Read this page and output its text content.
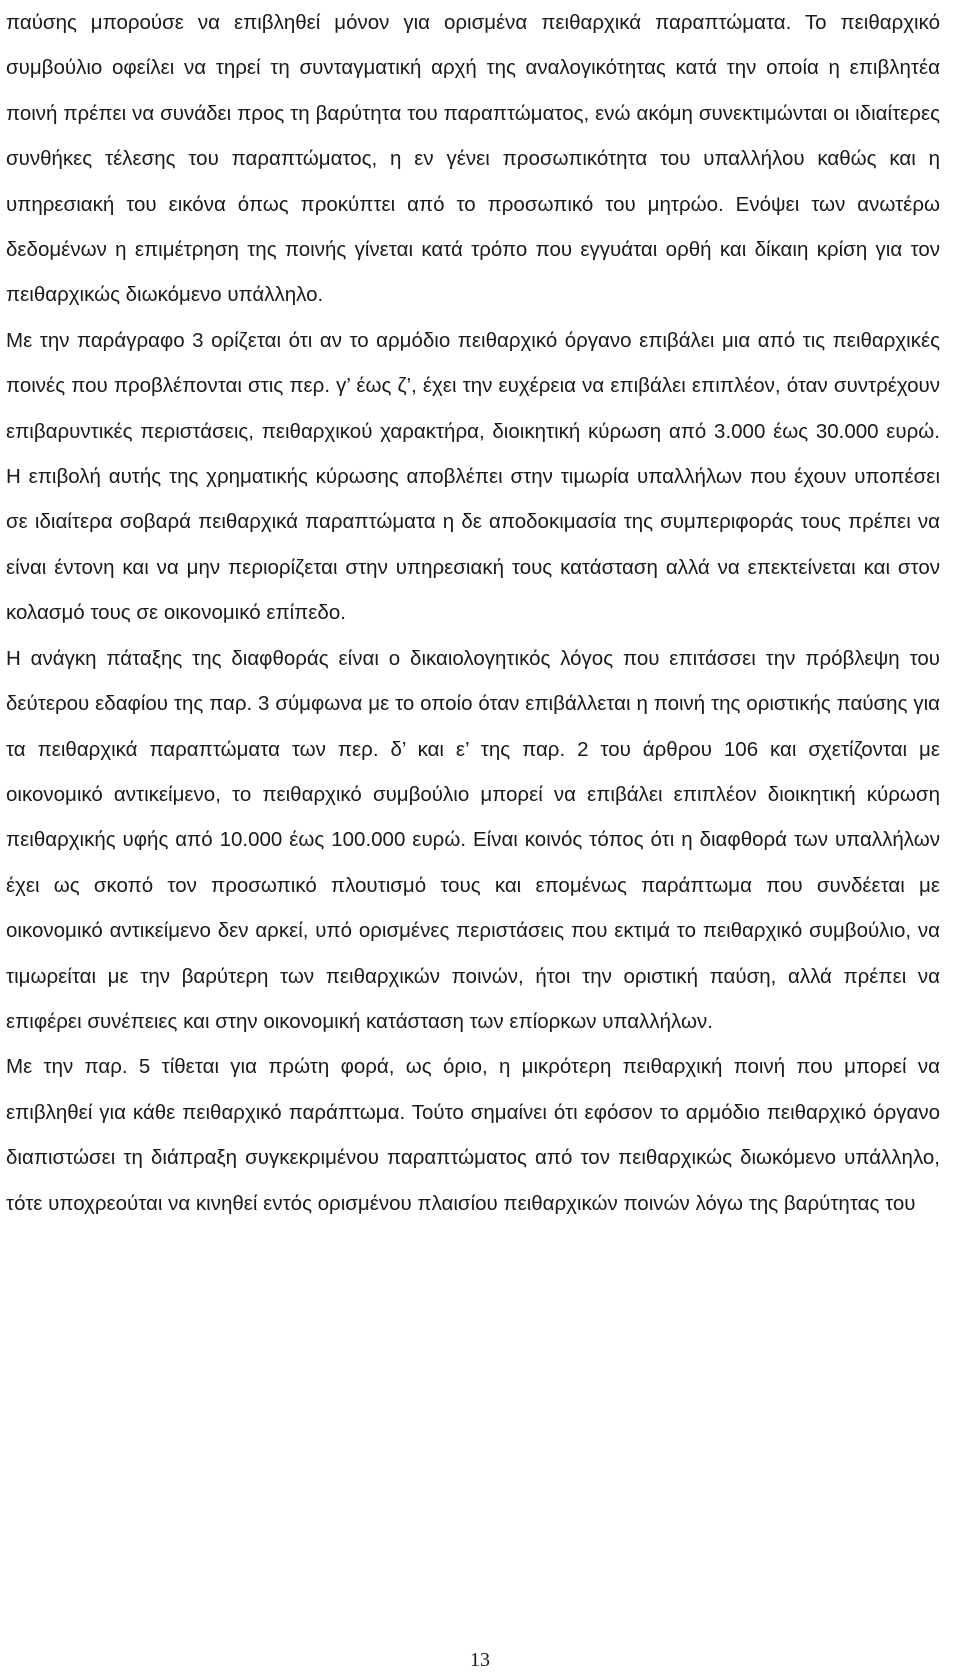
παύσης μπορούσε να επιβληθεί μόνον για ορισμένα πειθαρχικά παραπτώματα. Το πειθαρχικό συμβούλιο οφείλει να τηρεί τη συνταγματική αρχή της αναλογικότητας κατά την οποία η επιβλητέα ποινή πρέπει να συνάδει προς τη βαρύτητα του παραπτώματος, ενώ ακόμη συνεκτιμώνται οι ιδιαίτερες συνθήκες τέλεσης του παραπτώματος, η εν γένει προσωπικότητα του υπαλλήλου καθώς και η υπηρεσιακή του εικόνα όπως προκύπτει από το προσωπικό του μητρώο. Ενόψει των ανωτέρω δεδομένων η επιμέτρηση της ποινής γίνεται κατά τρόπο που εγγυάται ορθή και δίκαιη κρίση για τον πειθαρχικώς διωκόμενο υπάλληλο.

Με την παράγραφο 3 ορίζεται ότι αν το αρμόδιο πειθαρχικό όργανο επιβάλει μια από τις πειθαρχικές ποινές που προβλέπονται στις περ. γ’ έως ζ’, έχει την ευχέρεια να επιβάλει επιπλέον, όταν συντρέχουν επιβαρυντικές περιστάσεις, πειθαρχικού χαρακτήρα, διοικητική κύρωση από 3.000 έως 30.000 ευρώ. Η επιβολή αυτής της χρηματικής κύρωσης αποβλέπει στην τιμωρία υπαλλήλων που έχουν υποπέσει σε ιδιαίτερα σοβαρά πειθαρχικά παραπτώματα η δε αποδοκιμασία της συμπεριφοράς τους πρέπει να είναι έντονη και να μην περιορίζεται στην υπηρεσιακή τους κατάσταση αλλά να επεκτείνεται και στον κολασμό τους σε οικονομικό επίπεδο.

Η ανάγκη πάταξης της διαφθοράς είναι ο δικαιολογητικός λόγος που επιτάσσει την πρόβλεψη του δεύτερου εδαφίου της παρ. 3 σύμφωνα με το οποίο όταν επιβάλλεται η ποινή της οριστικής παύσης για τα πειθαρχικά παραπτώματα των περ. δ’ και ε’ της παρ. 2 του άρθρου 106 και σχετίζονται με οικονομικό αντικείμενο, το πειθαρχικό συμβούλιο μπορεί να επιβάλει επιπλέον διοικητική κύρωση πειθαρχικής υφής από 10.000 έως 100.000 ευρώ. Είναι κοινός τόπος ότι η διαφθορά των υπαλλήλων έχει ως σκοπό τον προσωπικό πλουτισμό τους και επομένως παράπτωμα που συνδέεται με οικονομικό αντικείμενο δεν αρκεί, υπό ορισμένες περιστάσεις που εκτιμά το πειθαρχικό συμβούλιο, να τιμωρείται με την βαρύτερη των πειθαρχικών ποινών, ήτοι την οριστική παύση, αλλά πρέπει να επιφέρει συνέπειες και στην οικονομική κατάσταση των επίορκων υπαλλήλων.

Με την παρ. 5 τίθεται για πρώτη φορά, ως όριο, η μικρότερη πειθαρχική ποινή που μπορεί να επιβληθεί για κάθε πειθαρχικό παράπτωμα. Τούτο σημαίνει ότι εφόσον το αρμόδιο πειθαρχικό όργανο διαπιστώσει τη διάπραξη συγκεκριμένου παραπτώματος από τον πειθαρχικώς διωκόμενο υπάλληλο, τότε υποχρεούται να κινηθεί εντός ορισμένου πλαισίου πειθαρχικών ποινών λόγω της βαρύτητας του

13
